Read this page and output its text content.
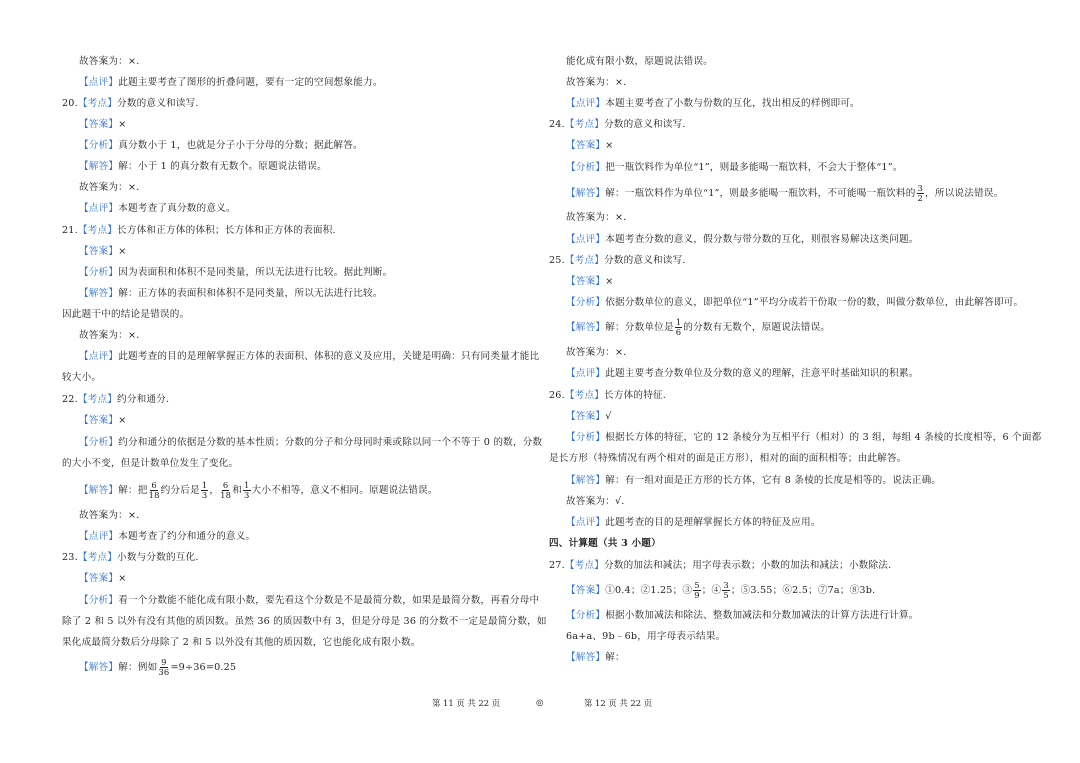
故答案为：×．
【点评】此题主要考查了图形的折叠问题，要有一定的空间想象能力。
20.【考点】分数的意义和读写.
【答案】×
【分析】真分数小于 1，也就是分子小于分母的分数；据此解答。
【解答】解：小于 1 的真分数有无数个。原题说法错误。
故答案为：×．
【点评】本题考查了真分数的意义。
21.【考点】长方体和正方体的体积；长方体和正方体的表面积.
【答案】×
【分析】因为表面积和体积不是同类量，所以无法进行比较。据此判断。
【解答】解：正方体的表面积和体积不是同类量，所以无法进行比较。
因此题干中的结论是错误的。
故答案为：×．
【点评】此题考查的目的是理解掌握正方体的表面积、体积的意义及应用，关键是明确：只有同类量才能比
较大小。
22.【考点】约分和通分.
【答案】×
【分析】约分和通分的依据是分数的基本性质；分数的分子和分母同时乘或除以同一个不等于 0 的数，分数
的大小不变，但是计数单位发生了变化。
【解答】解：把 $\frac{6}{18}$ 约分后是 $\frac{1}{3}$ ， $\frac{6}{18}$ 和 $\frac{1}{3}$ 大小不相等，意义不相同。原题说法错误。
故答案为：×．
【点评】本题考查了约分和通分的意义。
23.【考点】小数与分数的互化.
【答案】×
【分析】看一个分数能不能化成有限小数，要先看这个分数是不是最简分数，如果是最简分数，再看分母中
除了 2 和 5 以外有没有其他的质因数。虽然 36 的质因数中有 3，但是分母是 36 的分数不一定是最简分数，如
果化成最简分数后分母除了 2 和 5 以外没有其他的质因数，它也能化成有限小数。
【解答】解：例如 $\frac{9}{36} =9\div 36=0.25$
能化成有限小数，原题说法错误。
故答案为：×．
【点评】本题主要考查了小数与份数的互化，找出相反的样例即可。
24.【考点】分数的意义和读写.
【答案】×
【分析】把一瓶饮料作为单位“1”，则最多能喝一瓶饮料，不会大于整体“1”。
【解答】解：一瓶饮料作为单位“1”，则最多能喝一瓶饮料，不可能喝一瓶饮料的 $\frac{3}{2}$ ，所以说法错误。
故答案为：×．
【点评】本题考查分数的意义，假分数与带分数的互化，则很容易解决这类问题。
25.【考点】分数的意义和读写.
【答案】×
【分析】依据分数单位的意义，即把单位“1”平均分成若干份取一份的数，叫做分数单位，由此解答即可。
【解答】解：分数单位是 $\frac{1}{6}$ 的分数有无数个，原题说法错误。
故答案为：×．
【点评】此题主要考查分数单位及分数的意义的理解，注意平时基础知识的积累。
26.【考点】长方体的特征.
【答案】√
【分析】根据长方体的特征，它的 12 条棱分为互相平行（相对）的 3 组，每组 4 条棱的长度相等，6 个面都
是长方形（特殊情况有两个相对的面是正方形），相对的面的面积相等；由此解答。
【解答】解：有一组对面是正方形的长方体，它有 8 条棱的长度是相等的。说法正确。
故答案为：√．
【点评】此题考查的目的是理解掌握长方体的特征及应用。
四、计算题（共 3 小题）
27.【考点】分数的加法和减法；用字母表示数；小数的加法和减法；小数除法.
【答案】①0.4；②1.25；③ $\frac{5}{9}$ ；④ $\frac{3}{5}$ ；⑤3.55；⑥2.5；⑦7a；⑧3b．
【分析】根据小数加减法和除法、整数加减法和分数加减法的计算方法进行计算。
6a+a、9b﹣6b，用字母表示结果。
【解答】解：
第 11 页 共 22 页	◎	第 12 页 共 22 页
